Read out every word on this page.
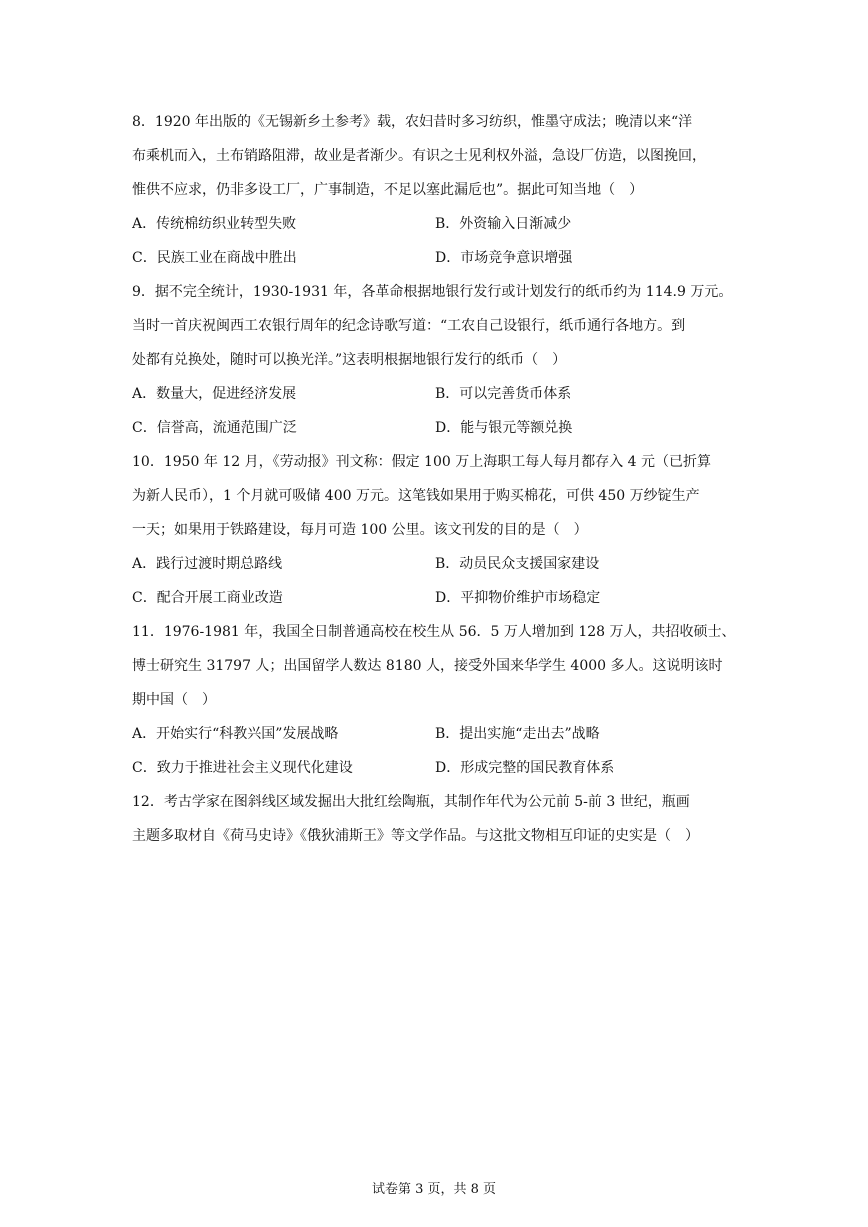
8．1920 年出版的《无锡新乡土参考》载，农妇昔时多习纺织，惟墨守成法；晚清以来“洋
布乘机而入，土布销路阻滞，故业是者渐少。有识之士见利权外溢，急设厂仿造，以图挽回，
惟供不应求，仍非多设工厂，广事制造，不足以塞此漏卮也”。据此可知当地（　）

A．传统棉纺织业转型失败	B．外资输入日渐减少
C．民族工业在商战中胜出	D．市场竞争意识增强

9．据不完全统计，1930-1931 年，各革命根据地银行发行或计划发行的纸币约为 114.9 万元。
当时一首庆祝闽西工农银行周年的纪念诗歌写道：“工农自己设银行，纸币通行各地方。到
处都有兑换处，随时可以换光洋。”这表明根据地银行发行的纸币（　）

A．数量大，促进经济发展	B．可以完善货币体系
C．信誉高，流通范围广泛	D．能与银元等额兑换

10．1950 年 12 月，《劳动报》刊文称：假定 100 万上海职工每人每月都存入 4 元（已折算
为新人民币），1 个月就可吸储 400 万元。这笔钱如果用于购买棉花，可供 450 万纱锭生产
一天；如果用于铁路建设，每月可造 100 公里。该文刊发的目的是（　）

A．践行过渡时期总路线	B．动员民众支援国家建设
C．配合开展工商业改造	D．平抑物价维护市场稳定

11．1976-1981 年，我国全日制普通高校在校生从 56．5 万人增加到 128 万人，共招收硕士、
博士研究生 31797 人；出国留学人数达 8180 人，接受外国来华学生 4000 多人。这说明该时
期中国（　）

A．开始实行“科教兴国”发展战略	B．提出实施“走出去”战略
C．致力于推进社会主义现代化建设	D．形成完整的国民教育体系

12．考古学家在图斜线区域发掘出大批红绘陶瓶，其制作年代为公元前 5-前 3 世纪，瓶画
主题多取材自《荷马史诗》《俄狄浦斯王》等文学作品。与这批文物相互印证的史实是（　）

试卷第 3 页，共 8 页
